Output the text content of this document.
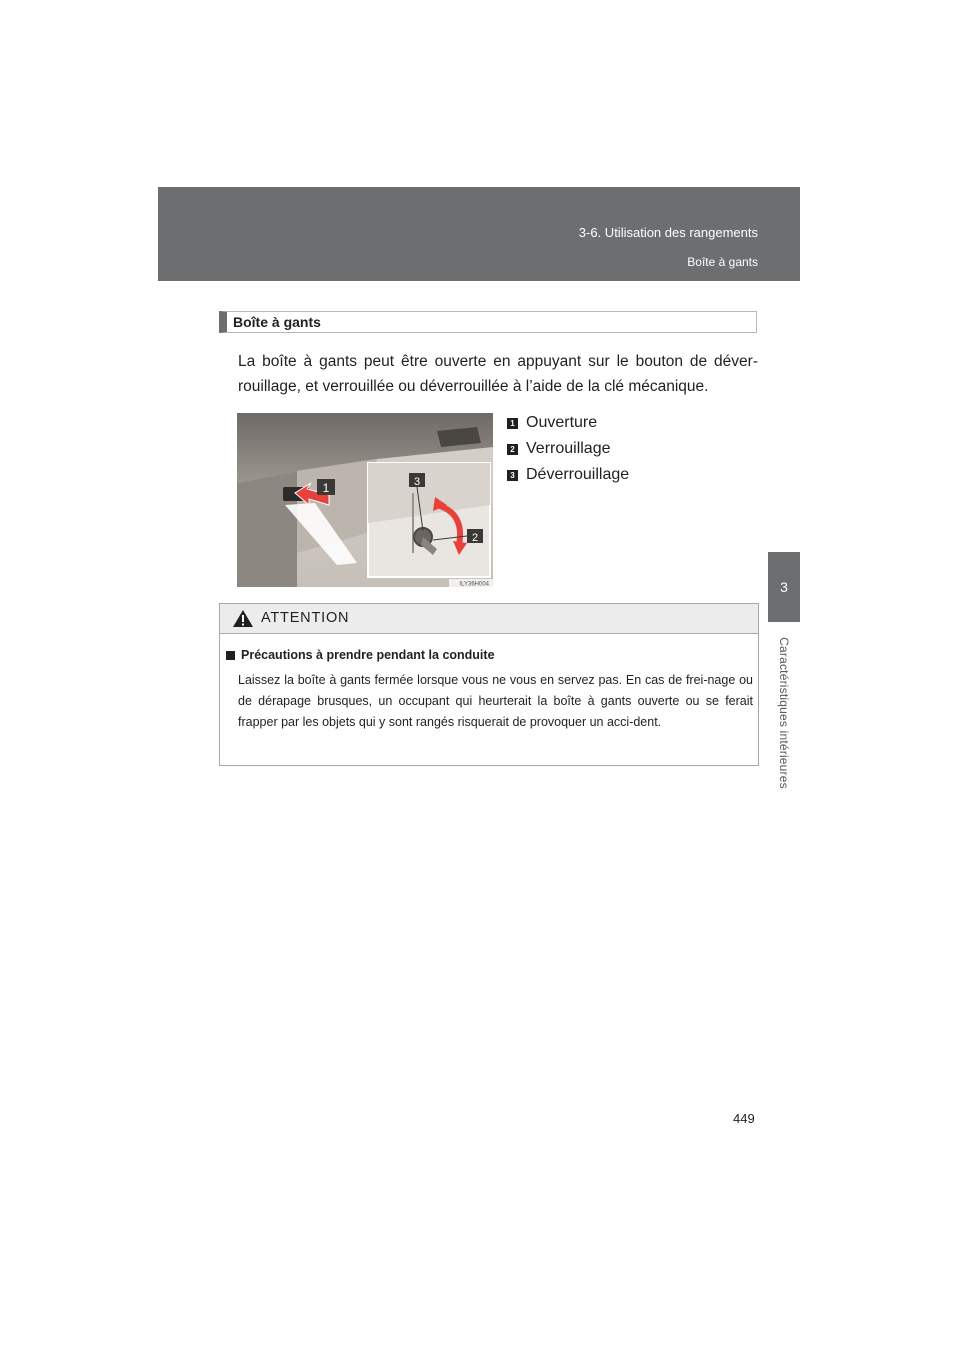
3-6. Utilisation des rangements
Boîte à gants
3
Caractéristiques intérieures
Boîte à gants

La boîte à gants peut être ouverte en appuyant sur le bouton de déver-rouillage, et verrouillée ou déverrouillée à l’aide de la clé mécanique.

1	3
2
ILY36H004
1 Ouverture
2 Verrouillage
3 Déverrouillage
ATTENTION
Précautions à prendre pendant la conduite

Laissez la boîte à gants fermée lorsque vous ne vous en servez pas. En cas de frei-nage ou de dérapage brusques, un occupant qui heurterait la boîte à gants ouverte ou se ferait frapper par les objets qui y sont rangés risquerait de provoquer un acci-dent.

449
